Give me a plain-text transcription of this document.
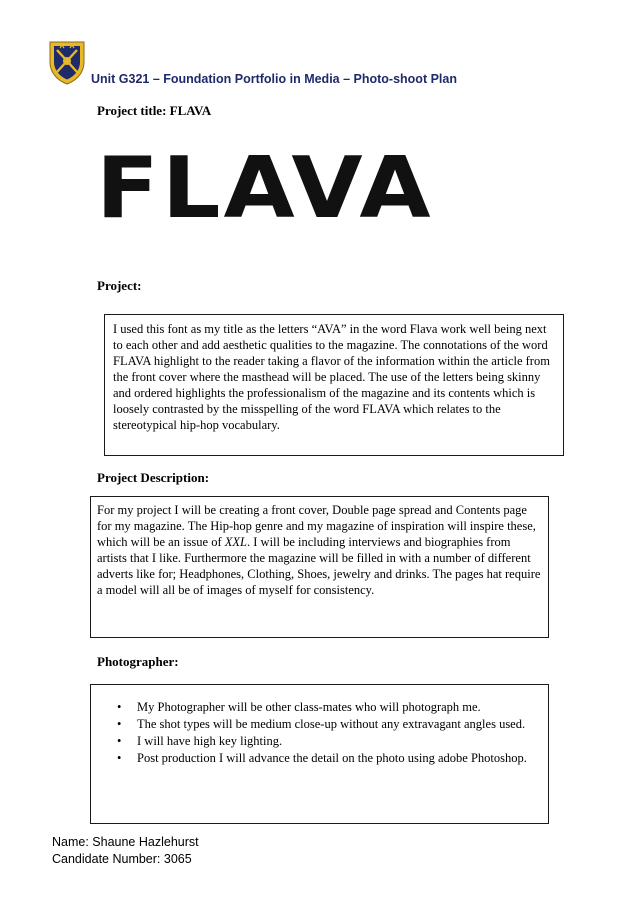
Unit G321 – Foundation Portfolio in Media – Photo-shoot Plan

Project title: FLAVA

FLAVA

Project:

I used this font as my title as the letters “AVA” in the word Flava work well being next to each other and add aesthetic qualities to the magazine. The connotations of the word FLAVA highlight to the reader taking a flavor of the information within the article from the front cover where the masthead will be placed. The use of the letters being skinny and ordered highlights the professionalism of the magazine and its contents which is loosely contrasted by the misspelling of the word FLAVA which relates to the stereotypical hip-hop vocabulary.

Project Description:

For my project I will be creating a front cover, Double page spread and Contents page for my magazine. The Hip-hop genre and my magazine of inspiration will inspire these, which will be an issue of XXL. I will be including interviews and biographies from artists that I like. Furthermore the magazine will be filled in with a number of different adverts like for; Headphones, Clothing, Shoes, jewelry and drinks. The pages hat require a model will all be of images of myself for consistency.

Photographer:

• My Photographer will be other class-mates who will photograph me.
• The shot types will be medium close-up without any extravagant angles used.
• I will have high key lighting.
• Post production I will advance the detail on the photo using adobe Photoshop.

Name: Shaune Hazlehurst

Candidate Number: 3065
